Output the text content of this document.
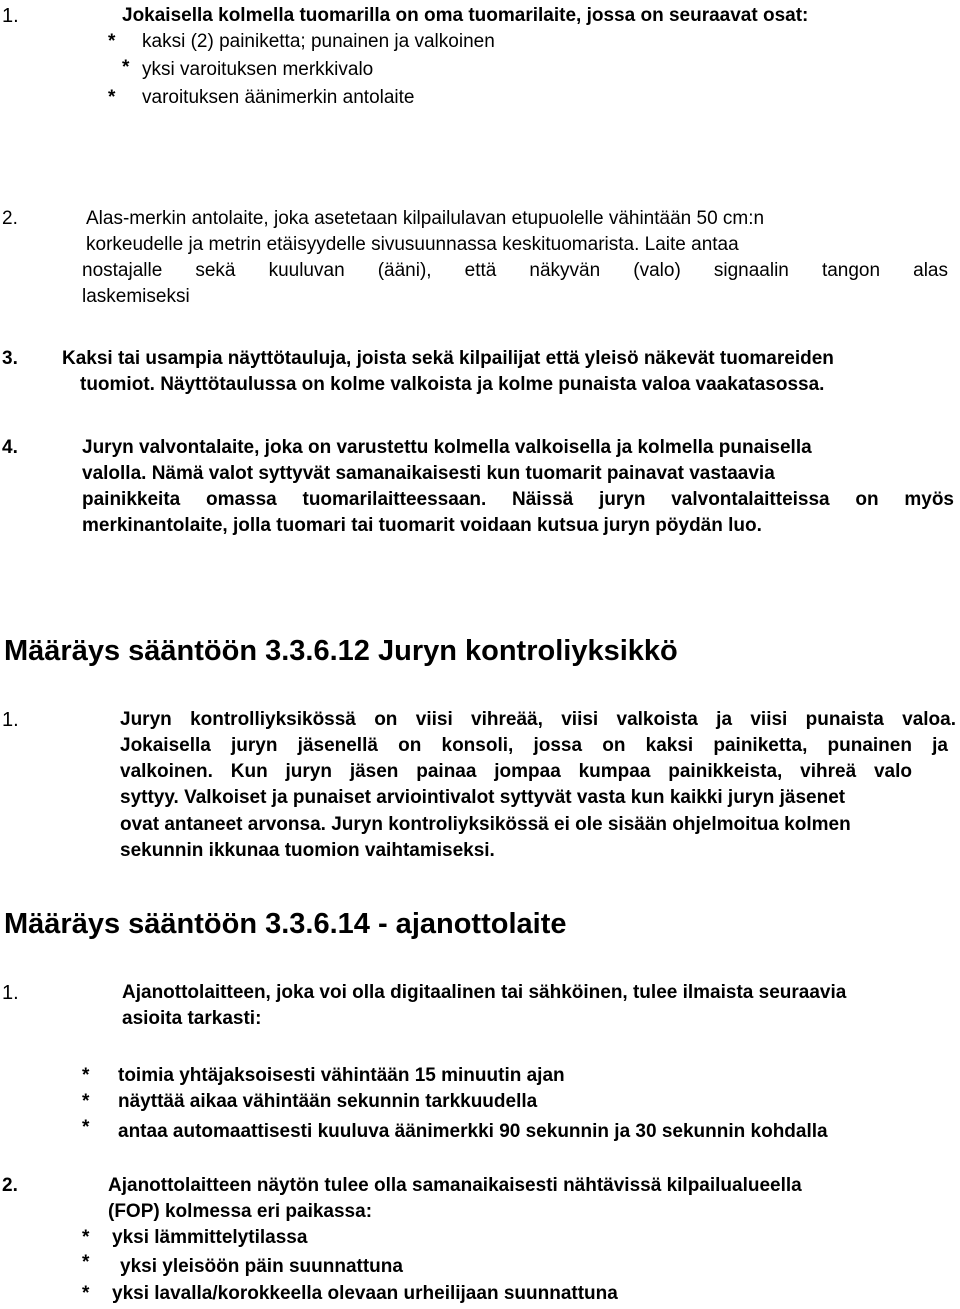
1.	Jokaisella kolmella tuomarilla on oma tuomarilaite, jossa on seuraavat osat:
* kaksi (2) painiketta; punainen ja valkoinen
* yksi varoituksen merkkivalo
* varoituksen äänimerkin antolaite
2.	Alas-merkin antolaite, joka asetetaan kilpailulavan etupuolelle vähintään 50 cm:n
korkeudelle ja metrin etäisyydelle sivusuunnassa keskituomarista. Laite antaa
nostajalle sekä kuuluvan (ääni), että näkyvän (valo) signaalin tangon alas
laskemiseksi
3. Kaksi tai usampia näyttötauluja, joista sekä kilpailijat että yleisö näkevät tuomareiden
tuomiot. Näyttötaulussa on kolme valkoista ja kolme punaista valoa vaakatasossa.
4.	Juryn valvontalaite, joka on varustettu kolmella valkoisella ja kolmella punaisella
valolla. Nämä valot syttyvät samanaikaisesti kun tuomarit painavat vastaavia
painikkeita omassa tuomarilaitteessaan. Näissä juryn valvontalaitteissa on myös
merkinantolaite, jolla tuomari tai tuomarit voidaan kutsua juryn pöydän luo.
Määräys sääntöön 3.3.6.12 Juryn kontroliyksikkö
1.	Juryn kontrolliyksikössä on viisi vihreää, viisi valkoista ja viisi punaista valoa.
Jokaisella juryn jäsenellä on konsoli, jossa on kaksi painiketta, punainen ja
valkoinen. Kun juryn jäsen painaa jompaa kumpaa painikkeista, vihreä valo
syttyy. Valkoiset ja punaiset arviointivalot syttyvät vasta kun kaikki juryn jäsenet
ovat antaneet arvonsa. Juryn kontroliyksikössä ei ole sisään ohjelmoitua kolmen
sekunnin ikkunaa tuomion vaihtamiseksi.
Määräys sääntöön 3.3.6.14 - ajanottolaite
1.	Ajanottolaitteen, joka voi olla digitaalinen tai sähköinen, tulee ilmaista seuraavia
asioita tarkasti:
* toimia yhtäjaksoisesti vähintään 15 minuutin ajan
* näyttää aikaa vähintään sekunnin tarkkuudella
* antaa automaattisesti kuuluva äänimerkki 90 sekunnin ja 30 sekunnin kohdalla
2.	Ajanottolaitteen näytön tulee olla samanaikaisesti nähtävissä kilpailualueella
(FOP) kolmessa eri paikassa:
* yksi lämmittelytilassa
* yksi yleisöön päin suunnattuna
* yksi lavalla/korokkeella olevaan urheilijaan suunnattuna
